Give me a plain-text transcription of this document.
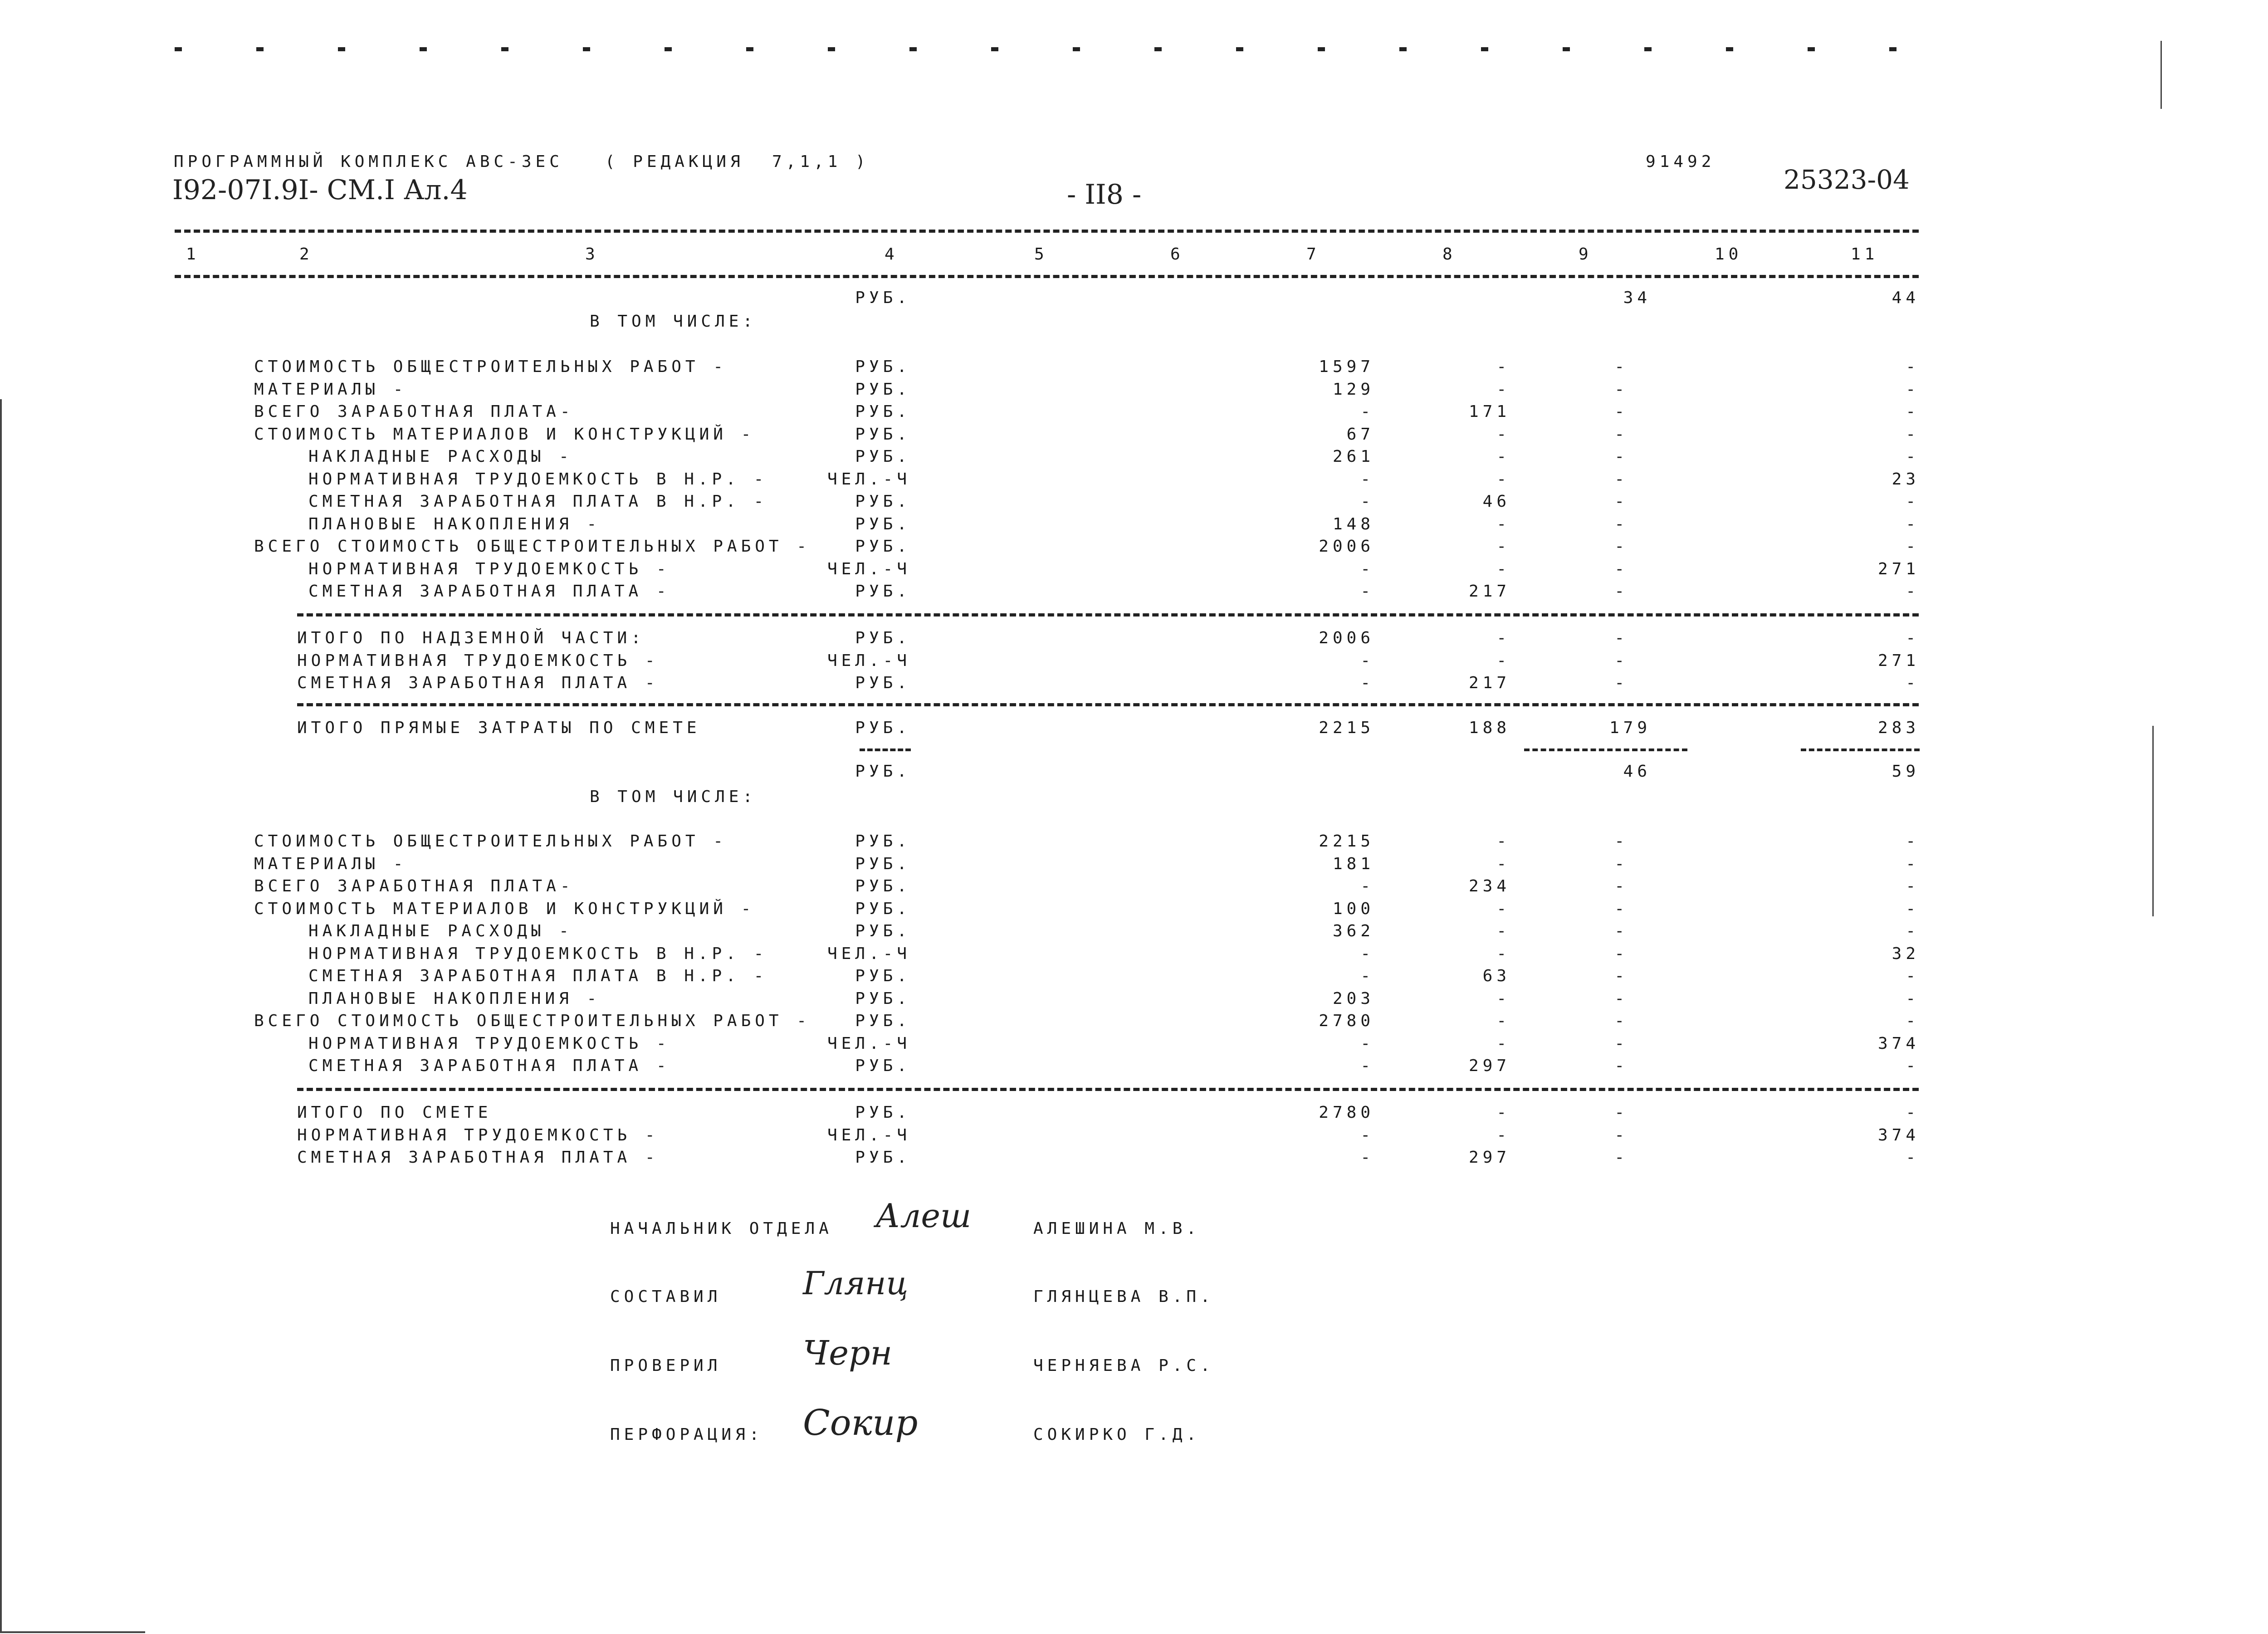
ПРОГРАММНЫЙ КОМПЛЕКС АВС-3ЕС   ( РЕДАКЦИЯ  7,1,1 )	91492
I92-07I.9I- СМ.I Ал.4	- II8 -	25323-04
1	2	3	4	5	6	7	8	9	10	11
РУБ.	34	44
В ТОМ ЧИСЛЕ:
СТОИМОСТЬ ОБЩЕСТРОИТЕЛЬНЫХ РАБОТ -	РУБ.	1597	-	-	-
МАТЕРИАЛЫ -	РУБ.	129	-	-	-
ВСЕГО ЗАРАБОТНАЯ ПЛАТА-	РУБ.	-	171	-	-
СТОИМОСТЬ МАТЕРИАЛОВ И КОНСТРУКЦИЙ -	РУБ.	67	-	-	-
НАКЛАДНЫЕ РАСХОДЫ -	РУБ.	261	-	-	-
НОРМАТИВНАЯ ТРУДОЕМКОСТЬ В Н.Р. -	ЧЕЛ.-Ч	-	-	-	23
СМЕТНАЯ ЗАРАБОТНАЯ ПЛАТА В Н.Р. -	РУБ.	-	46	-	-
ПЛАНОВЫЕ НАКОПЛЕНИЯ -	РУБ.	148	-	-	-
ВСЕГО СТОИМОСТЬ ОБЩЕСТРОИТЕЛЬНЫХ РАБОТ -	РУБ.	2006	-	-	-
НОРМАТИВНАЯ ТРУДОЕМКОСТЬ -	ЧЕЛ.-Ч	-	-	-	271
СМЕТНАЯ ЗАРАБОТНАЯ ПЛАТА -	РУБ.	-	217	-	-
ИТОГО ПО НАДЗЕМНОЙ ЧАСТИ:	РУБ.	2006	-	-	-
НОРМАТИВНАЯ ТРУДОЕМКОСТЬ -	ЧЕЛ.-Ч	-	-	-	271
СМЕТНАЯ ЗАРАБОТНАЯ ПЛАТА -	РУБ.	-	217	-	-
ИТОГО ПРЯМЫЕ ЗАТРАТЫ ПО СМЕТЕ	РУБ.	2215	188	179	283
РУБ.	46	59
В ТОМ ЧИСЛЕ:
СТОИМОСТЬ ОБЩЕСТРОИТЕЛЬНЫХ РАБОТ -	РУБ.	2215	-	-	-
МАТЕРИАЛЫ -	РУБ.	181	-	-	-
ВСЕГО ЗАРАБОТНАЯ ПЛАТА-	РУБ.	-	234	-	-
СТОИМОСТЬ МАТЕРИАЛОВ И КОНСТРУКЦИЙ -	РУБ.	100	-	-	-
НАКЛАДНЫЕ РАСХОДЫ -	РУБ.	362	-	-	-
НОРМАТИВНАЯ ТРУДОЕМКОСТЬ В Н.Р. -	ЧЕЛ.-Ч	-	-	-	32
СМЕТНАЯ ЗАРАБОТНАЯ ПЛАТА В Н.Р. -	РУБ.	-	63	-	-
ПЛАНОВЫЕ НАКОПЛЕНИЯ -	РУБ.	203	-	-	-
ВСЕГО СТОИМОСТЬ ОБЩЕСТРОИТЕЛЬНЫХ РАБОТ -	РУБ.	2780	-	-	-
НОРМАТИВНАЯ ТРУДОЕМКОСТЬ -	ЧЕЛ.-Ч	-	-	-	374
СМЕТНАЯ ЗАРАБОТНАЯ ПЛАТА -	РУБ.	-	297	-	-
ИТОГО ПО СМЕТЕ	РУБ.	2780	-	-	-
НОРМАТИВНАЯ ТРУДОЕМКОСТЬ -	ЧЕЛ.-Ч	-	-	-	374
СМЕТНАЯ ЗАРАБОТНАЯ ПЛАТА -	РУБ.	-	297	-	-
НАЧАЛЬНИК ОТДЕЛА Алеш	АЛЕШИНА М.В.
СОСТАВИЛ	Глянц	ГЛЯНЦЕВА В.П.
ПРОВЕРИЛ Черн	ЧЕРНЯЕВА Р.С.
ПЕРФОРАЦИЯ: Сокир	СОКИРКО Г.Д.
